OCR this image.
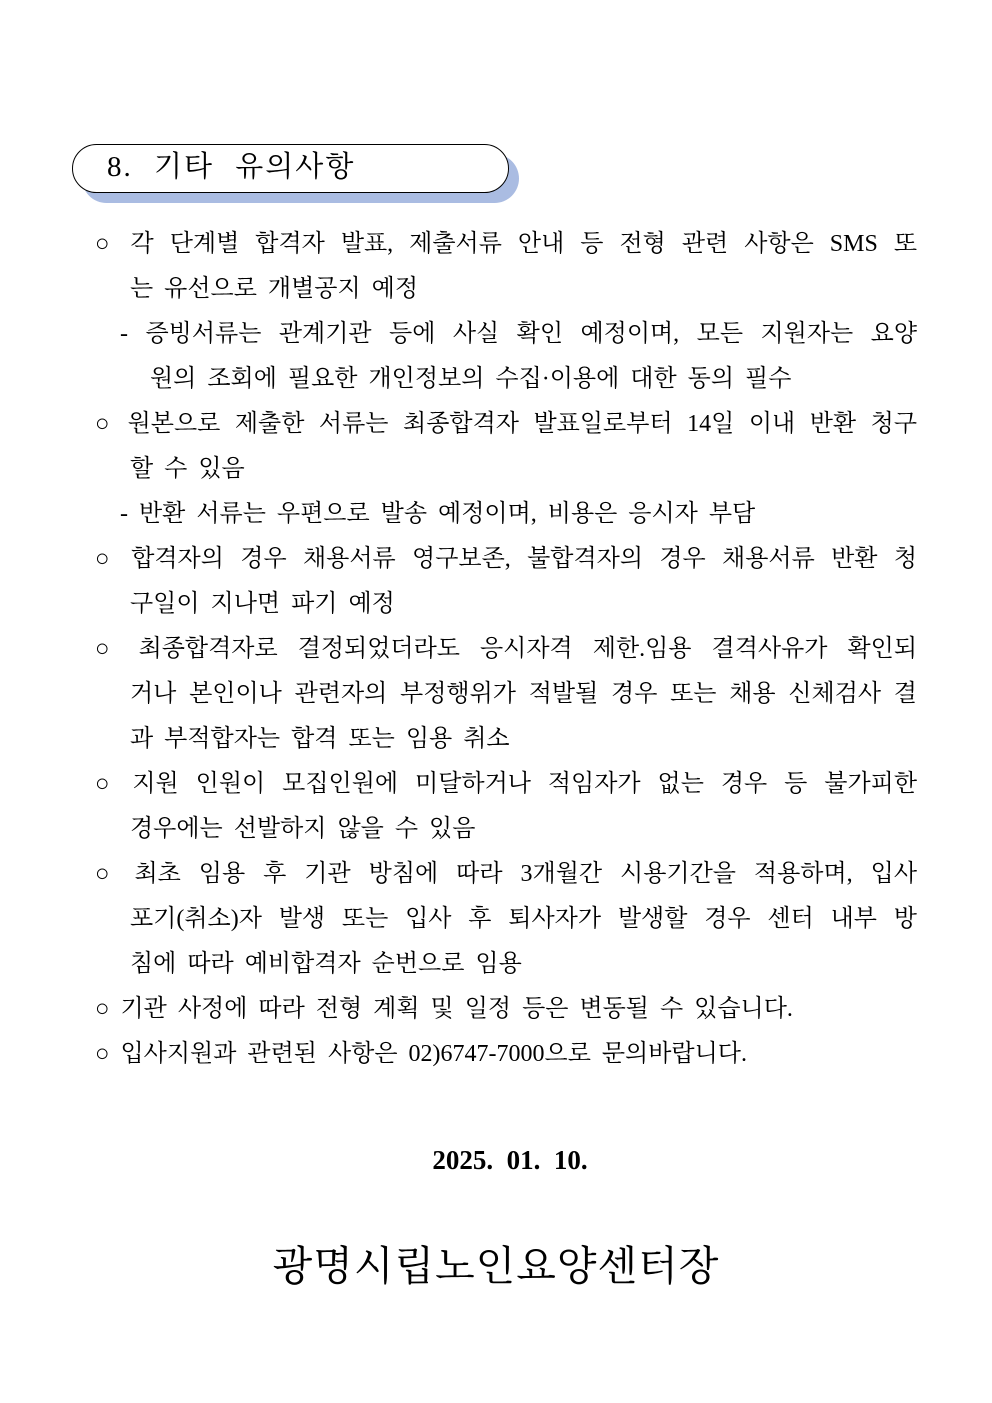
8. 기타 유의사항
○ 각 단계별 합격자 발표, 제출서류 안내 등 전형 관련 사항은 SMS 또
는 유선으로 개별공지 예정
- 증빙서류는 관계기관 등에 사실 확인 예정이며, 모든 지원자는 요양
원의 조회에 필요한 개인정보의 수집·이용에 대한 동의 필수
○ 원본으로 제출한 서류는 최종합격자 발표일로부터 14일 이내 반환 청구
할 수 있음
- 반환 서류는 우편으로 발송 예정이며, 비용은 응시자 부담
○ 합격자의 경우 채용서류 영구보존, 불합격자의 경우 채용서류 반환 청
구일이 지나면 파기 예정
○ 최종합격자로 결정되었더라도 응시자격 제한.임용 결격사유가 확인되
거나 본인이나 관련자의 부정행위가 적발될 경우 또는 채용 신체검사 결
과 부적합자는 합격 또는 임용 취소
○ 지원 인원이 모집인원에 미달하거나 적임자가 없는 경우 등 불가피한
경우에는 선발하지 않을 수 있음
○ 최초 임용 후 기관 방침에 따라 3개월간 시용기간을 적용하며, 입사
포기(취소)자 발생 또는 입사 후 퇴사자가 발생할 경우 센터 내부 방
침에 따라 예비합격자 순번으로 임용
○ 기관 사정에 따라 전형 계획 및 일정 등은 변동될 수 있습니다.
○ 입사지원과 관련된 사항은 02)6747-7000으로 문의바랍니다.
2025.  01.  10.
광명시립노인요양센터장
